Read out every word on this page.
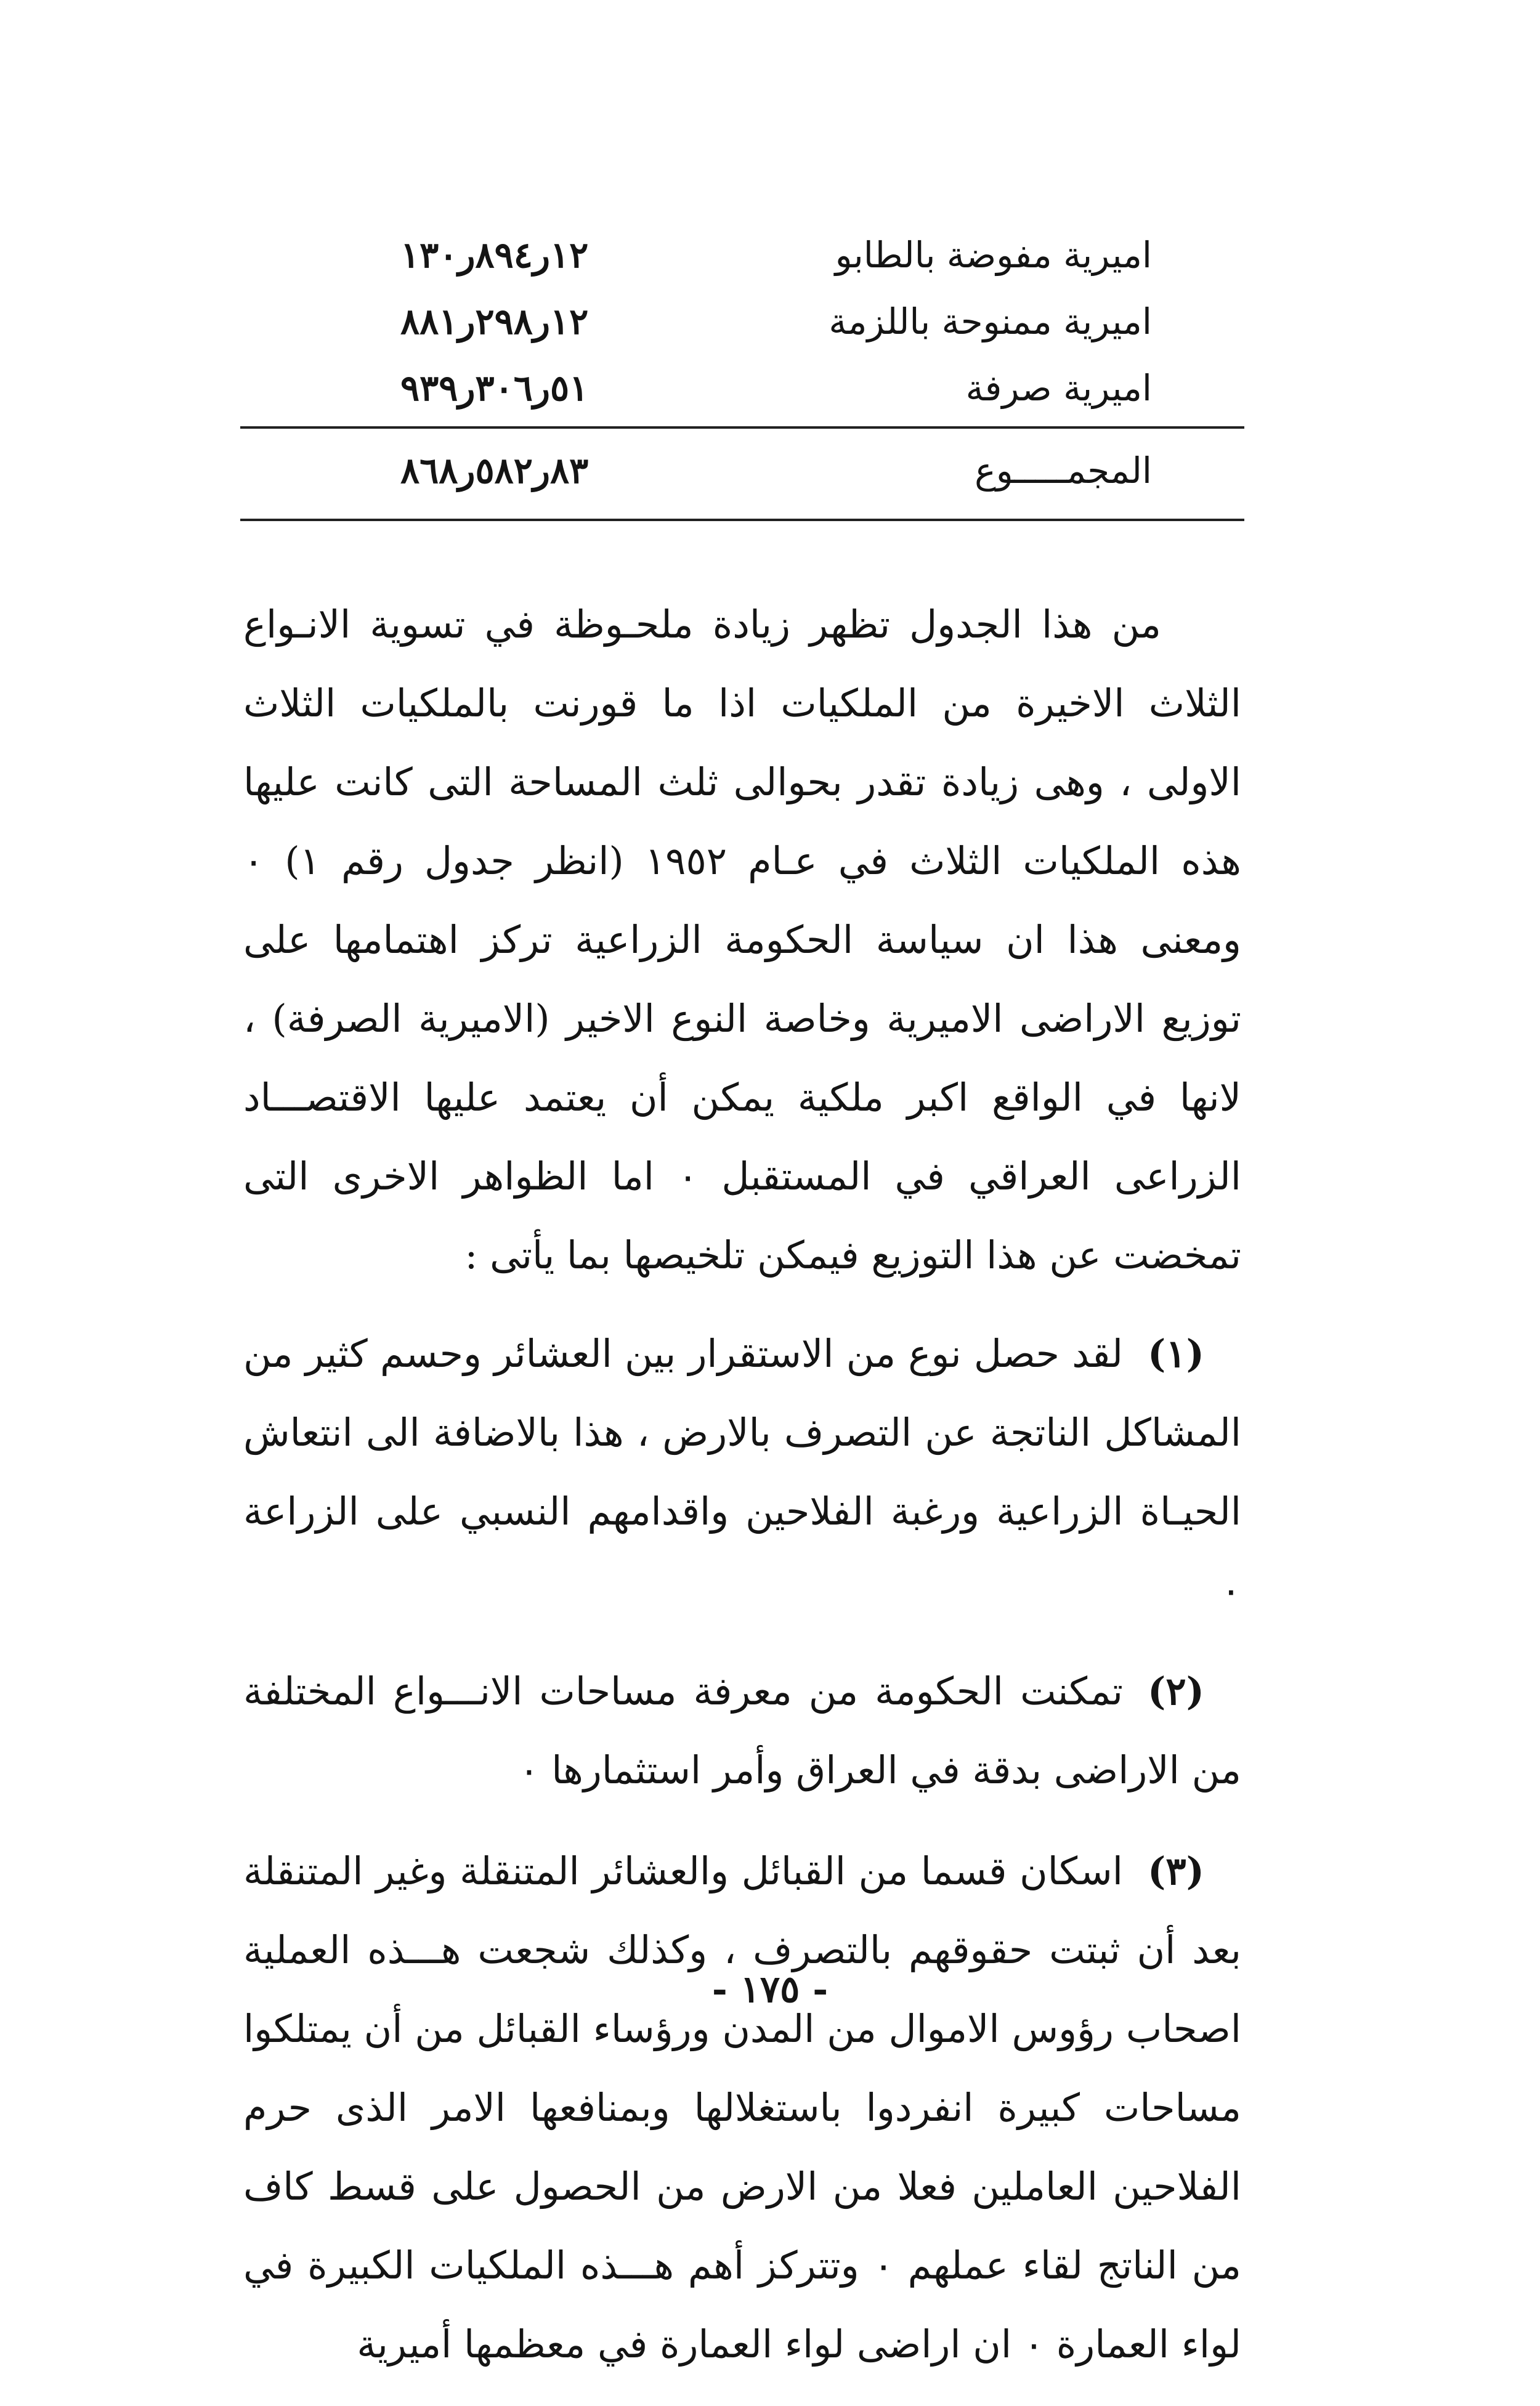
اميرية مفوضة بالطابو
١٢ر٨٩٤ر١٣٠
اميرية ممنوحة باللزمة
١٢ر٢٩٨ر٨٨١
اميرية صرفة
٥١ر٣٠٦ر٩٣٩
المجمـــــوع
٨٣ر٥٨٢ر٨٦٨

من هذا الجدول تظهر زيادة ملحـوظة في تسوية الانـواع الثلاث الاخيرة من الملكيات اذا ما قورنت بالملكيات الثلاث الاولى ، وهى زيادة تقدر بحوالى ثلث المساحة التى كانت عليها هذه الملكيات الثلاث في عـام ١٩٥٢ (انظر جدول رقم ١) ٠ ومعنى هذا ان سياسة الحكومة الزراعية تركز اهتمامها على توزيع الاراضى الاميرية وخاصة النوع الاخير (الاميرية الصرفة) ، لانها في الواقع اكبر ملكية يمكن أن يعتمد عليها الاقتصـــاد الزراعى العراقي في المستقبل ٠ اما الظواهر الاخرى التى تمخضت عن هذا التوزيع فيمكن تلخيصها بما يأتى :

(١)لقد حصل نوع من الاستقرار بين العشائر وحسم كثير من المشاكل الناتجة عن التصرف بالارض ، هذا بالاضافة الى انتعاش الحيـاة الزراعية ورغبة الفلاحين واقدامهم النسبي على الزراعة ٠

(٢)تمكنت الحكومة من معرفة مساحات الانـــواع المختلفة من الاراضى بدقة في العراق وأمر استثمارها ٠

(٣)اسكان قسما من القبائل والعشائر المتنقلة وغير المتنقلة بعد أن ثبتت حقوقهم بالتصرف ، وكذلك شجعت هـــذه العملية اصحاب رؤوس الاموال من المدن ورؤساء القبائل من أن يمتلكوا مساحات كبيرة انفردوا باستغلالها وبمنافعها الامر الذى حرم الفلاحين العاملين فعلا من الارض من الحصول على قسط كاف من الناتج لقاء عملهم ٠ وتتركز أهم هـــذه الملكيات الكبيرة في لواء العمارة ٠ ان اراضى لواء العمارة في معظمها أميرية

- ١٧٥ -
